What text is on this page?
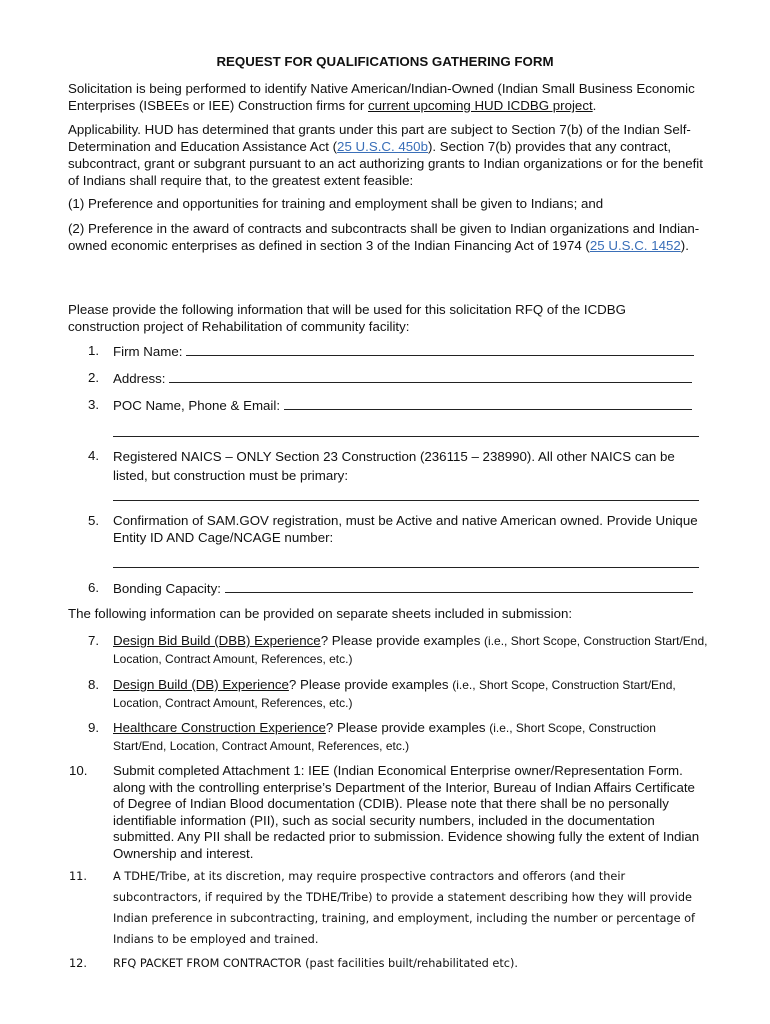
REQUEST FOR QUALIFICATIONS GATHERING FORM
Solicitation is being performed to identify Native American/Indian-Owned (Indian Small Business Economic Enterprises (ISBEEs or IEE) Construction firms for current upcoming HUD ICDBG project.
Applicability. HUD has determined that grants under this part are subject to Section 7(b) of the Indian Self-Determination and Education Assistance Act (25 U.S.C. 450b). Section 7(b) provides that any contract, subcontract, grant or subgrant pursuant to an act authorizing grants to Indian organizations or for the benefit of Indians shall require that, to the greatest extent feasible:
(1) Preference and opportunities for training and employment shall be given to Indians; and
(2) Preference in the award of contracts and subcontracts shall be given to Indian organizations and Indian-owned economic enterprises as defined in section 3 of the Indian Financing Act of 1974 (25 U.S.C. 1452).
Please provide the following information that will be used for this solicitation RFQ of the ICDBG construction project of Rehabilitation of community facility:
1.	Firm Name:
2.	Address:
3.	POC Name, Phone & Email:
4.	Registered NAICS – ONLY Section 23 Construction (236115 – 238990). All other NAICS can be listed, but construction must be primary:
5.	Confirmation of SAM.GOV registration, must be Active and native American owned. Provide Unique Entity ID AND Cage/NCAGE number:
6.	Bonding Capacity:
The following information can be provided on separate sheets included in submission:
7.	Design Bid Build (DBB) Experience? Please provide examples (i.e., Short Scope, Construction Start/End, Location, Contract Amount, References, etc.)
8.	Design Build (DB) Experience? Please provide examples (i.e., Short Scope, Construction Start/End, Location, Contract Amount, References, etc.)
9.	Healthcare Construction Experience? Please provide examples (i.e., Short Scope, Construction Start/End, Location, Contract Amount, References, etc.)
10.	Submit completed Attachment 1: IEE (Indian Economical Enterprise owner/Representation Form. along with the controlling enterprise’s Department of the Interior, Bureau of Indian Affairs Certificate of Degree of Indian Blood documentation (CDIB). Please note that there shall be no personally identifiable information (PII), such as social security numbers, included in the documentation submitted. Any PII shall be redacted prior to submission. Evidence showing fully the extent of Indian Ownership and interest.
11.	A TDHE/Tribe, at its discretion, may require prospective contractors and offerors (and their subcontractors, if required by the TDHE/Tribe) to provide a statement describing how they will provide Indian preference in subcontracting, training, and employment, including the number or percentage of Indians to be employed and trained.
12.	RFQ PACKET FROM CONTRACTOR (past facilities built/rehabilitated etc).
